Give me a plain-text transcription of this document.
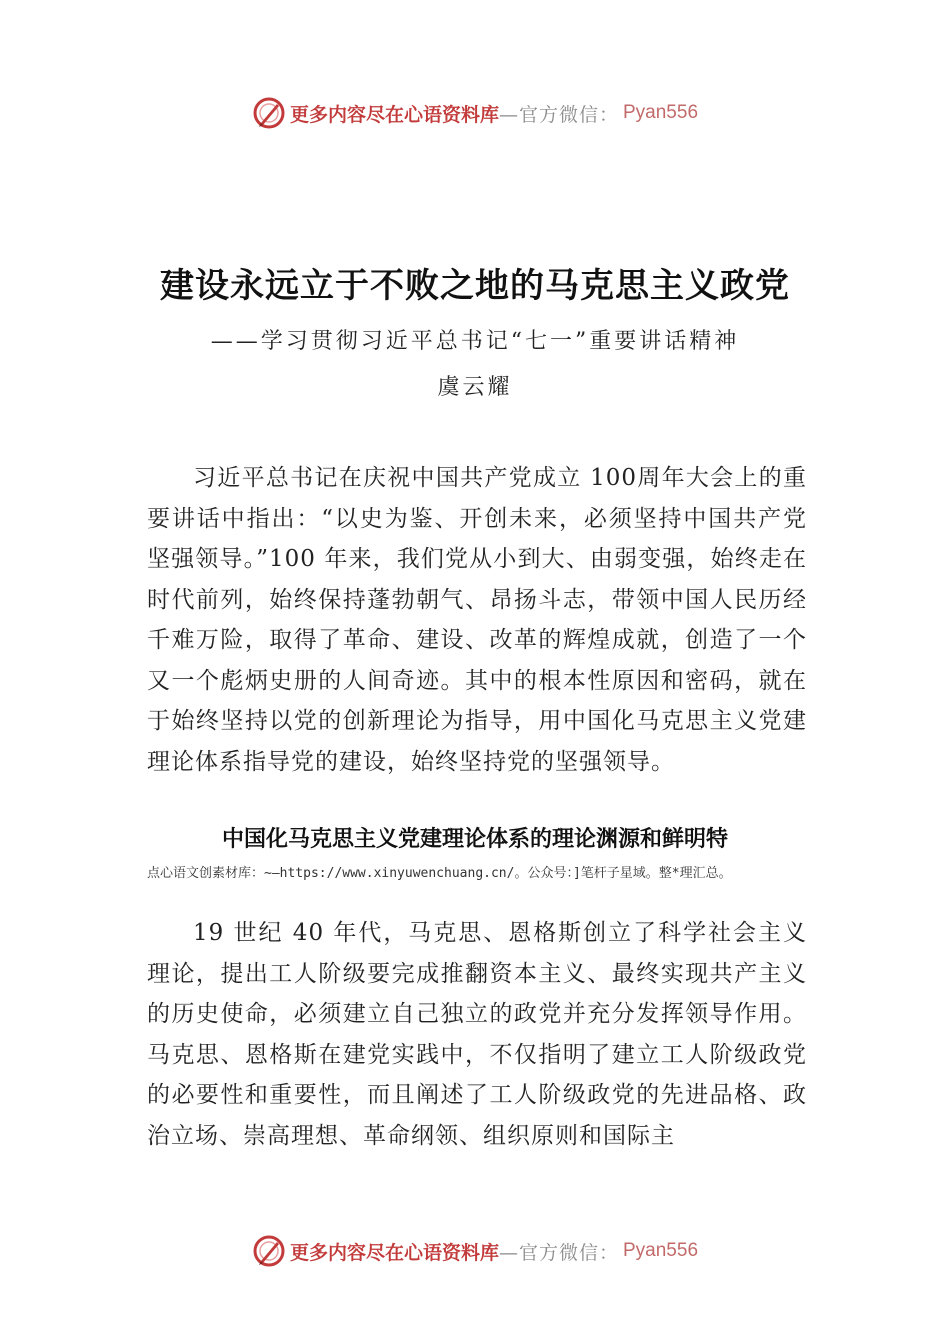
更多内容尽在心语资料库 —官方微信： Pyan556
建设永远立于不败之地的马克思主义政党
——学习贯彻习近平总书记“七一”重要讲话精神
虞云耀

习近平总书记在庆祝中国共产党成立 100周年大会上的重要讲话中指出：“以史为鉴、开创未来，必须坚持中国共产党坚强领导。”100 年来，我们党从小到大、由弱变强，始终走在时代前列，始终保持蓬勃朝气、昂扬斗志，带领中国人民历经千难万险，取得了革命、建设、改革的辉煌成就，创造了一个又一个彪炳史册的人间奇迹。其中的根本性原因和密码，就在于始终坚持以党的创新理论为指导，用中国化马克思主义党建理论体系指导党的建设，始终坚持党的坚强领导。

中国化马克思主义党建理论体系的理论渊源和鲜明特
点心语文创素材库：~—https://www.xinyuwenchuang.cn/。公众号：]笔杆子星域。整*理汇总。

19 世纪 40 年代，马克思、恩格斯创立了科学社会主义理论，提出工人阶级要完成推翻资本主义、最终实现共产主义的历史使命，必须建立自己独立的政党并充分发挥领导作用。马克思、恩格斯在建党实践中，不仅指明了建立工人阶级政党的必要性和重要性，而且阐述了工人阶级政党的先进品格、政治立场、崇高理想、革命纲领、组织原则和国际主

更多内容尽在心语资料库 —官方微信： Pyan556
